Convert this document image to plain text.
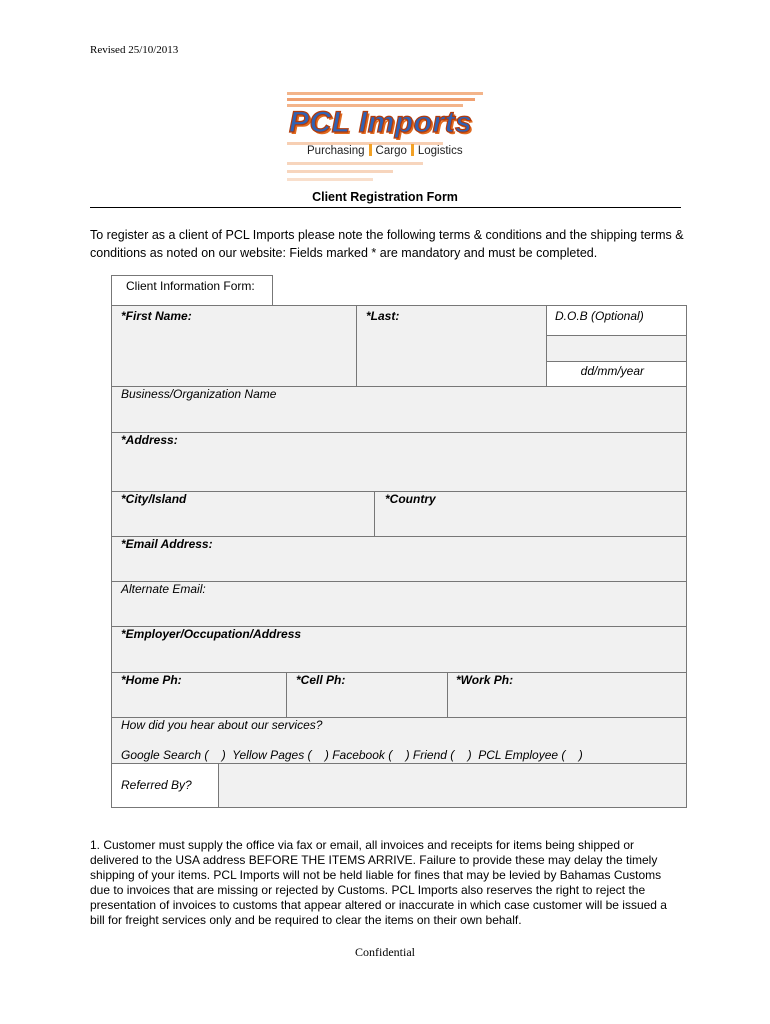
Revised 25/10/2013
PCL Imports
Purchasing Cargo Logistics
Client Registration Form
To register as a client of PCL Imports please note the following terms & conditions and the shipping terms & conditions as noted on our website: Fields marked * are mandatory and must be completed.
Client Information Form:
*First Name:	*Last:	D.O.B (Optional)
dd/mm/year
Business/Organization Name
*Address:
*City/Island	*Country
*Email Address:
Alternate Email:
*Employer/Occupation/Address
*Home Ph:	*Cell Ph:	*Work Ph:
How did you hear about our services?
Google Search (    )  Yellow Pages (    ) Facebook (    ) Friend (    )  PCL Employee (    )
Referred By?
1. Customer must supply the office via fax or email, all invoices and receipts for items being shipped or delivered to the USA address BEFORE THE ITEMS ARRIVE. Failure to provide these may delay the timely shipping of your items. PCL Imports will not be held liable for fines that may be levied by Bahamas Customs due to invoices that are missing or rejected by Customs. PCL Imports also reserves the right to reject the presentation of invoices to customs that appear altered or inaccurate in which case customer will be issued a bill for freight services only and be required to clear the items on their own behalf.
Confidential
